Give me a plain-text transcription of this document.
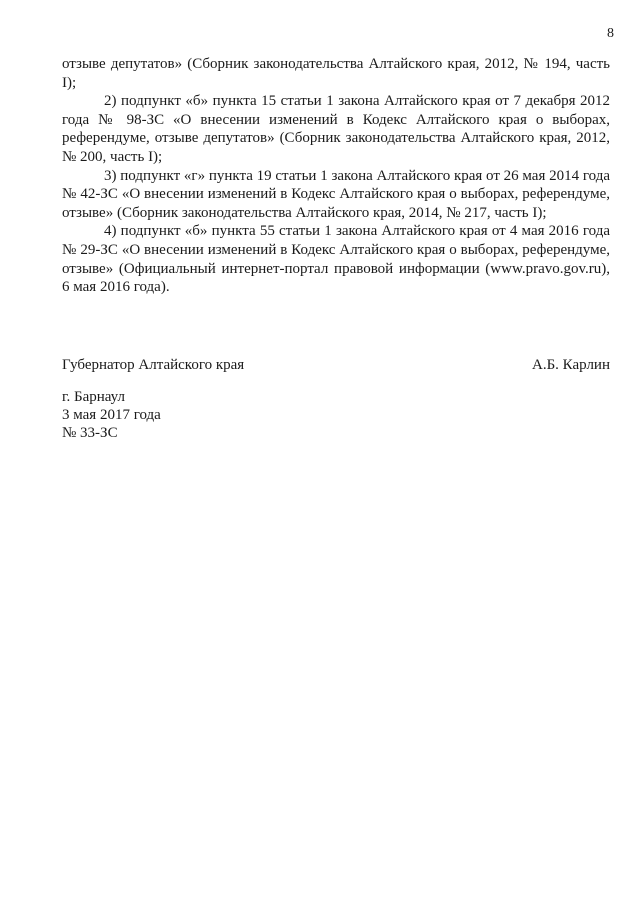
8

отзыве депутатов» (Сборник законодательства Алтайского края, 2012, № 194, часть I);

2) подпункт «б» пункта 15 статьи 1 закона Алтайского края от 7 декабря 2012 года № 98-ЗС «О внесении изменений в Кодекс Алтайского края о выборах, референдуме, отзыве депутатов» (Сборник законодательства Алтайского края, 2012, № 200, часть I);

3) подпункт «г» пункта 19 статьи 1 закона Алтайского края от 26 мая 2014 года № 42-ЗС «О внесении изменений в Кодекс Алтайского края о выборах, референдуме, отзыве» (Сборник законодательства Алтайского края, 2014, № 217, часть I);

4) подпункт «б» пункта 55 статьи 1 закона Алтайского края от 4 мая 2016 года № 29-ЗС «О внесении изменений в Кодекс Алтайского края о выборах, референдуме, отзыве» (Официальный интернет-портал правовой информации (www.pravo.gov.ru), 6 мая 2016 года).

Губернатор Алтайского края	А.Б. Карлин
г. Барнаул
3 мая 2017 года
№ 33-ЗС
